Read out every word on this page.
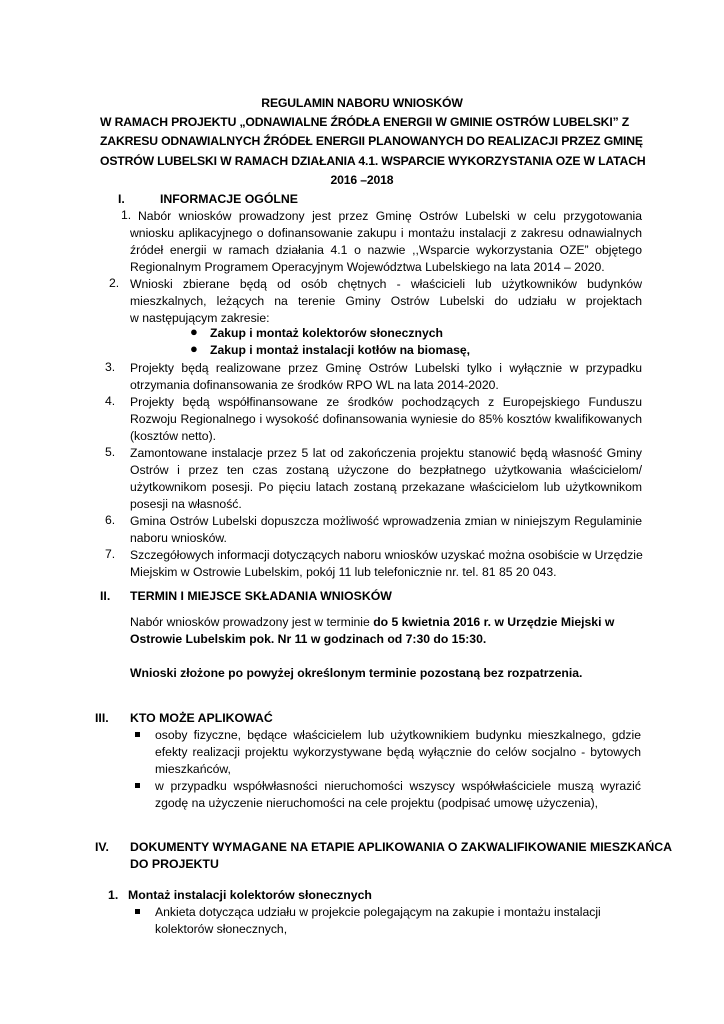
REGULAMIN NABORU WNIOSKÓW
W RAMACH PROJEKTU „ODNAWIALNE ŹRÓDŁA ENERGII W GMINIE OSTRÓW LUBELSKI” Z
ZAKRESU ODNAWIALNYCH ŹRÓDEŁ ENERGII PLANOWANYCH DO REALIZACJI PRZEZ GMINĘ
OSTRÓW LUBELSKI W RAMACH DZIAŁANIA 4.1. WSPARCIE WYKORZYSTANIA OZE W LATACH
2016 –2018
I.	INFORMACJE OGÓLNE
1. Nabór wniosków prowadzony jest przez Gminę Ostrów Lubelski w celu przygotowania
wniosku aplikacyjnego o dofinansowanie zakupu i montażu instalacji z zakresu odnawialnych
źródeł energii w ramach działania 4.1 o nazwie ,,Wsparcie wykorzystania OZE” objętego
Regionalnym Programem Operacyjnym Województwa Lubelskiego na lata 2014 – 2020.
2. Wnioski zbierane będą od osób chętnych - właścicieli lub użytkowników budynków
mieszkalnych, leżących na terenie Gminy Ostrów Lubelski do udziału w projektach
w następującym zakresie:
● Zakup i montaż kolektorów słonecznych
● Zakup i montaż instalacji kotłów na biomasę,
3. Projekty będą realizowane przez Gminę Ostrów Lubelski tylko i wyłącznie w przypadku
otrzymania dofinansowania ze środków RPO WL na lata 2014-2020.
4. Projekty będą współfinansowane ze środków pochodzących z Europejskiego Funduszu
Rozwoju Regionalnego i wysokość dofinansowania wyniesie do 85% kosztów kwalifikowanych
(kosztów netto).
5. Zamontowane instalacje przez 5 lat od zakończenia projektu stanowić będą własność Gminy
Ostrów i przez ten czas zostaną użyczone do bezpłatnego użytkowania właścicielom/
użytkownikom posesji. Po pięciu latach zostaną przekazane właścicielom lub użytkownikom
posesji na własność.
6. Gmina Ostrów Lubelski dopuszcza możliwość wprowadzenia zmian w niniejszym Regulaminie
naboru wniosków.
7. Szczegółowych informacji dotyczących naboru wniosków uzyskać można osobiście w Urzędzie
Miejskim w Ostrowie Lubelskim, pokój 11 lub telefonicznie nr. tel. 81 85 20 043.
II. TERMIN I MIEJSCE SKŁADANIA WNIOSKÓW
Nabór wniosków prowadzony jest w terminie do 5 kwietnia 2016 r. w Urzędzie Miejski w
Ostrowie Lubelskim pok. Nr 11 w godzinach od 7:30 do 15:30.
Wnioski złożone po powyżej określonym terminie pozostaną bez rozpatrzenia.
III. KTO MOŻE APLIKOWAĆ
osoby fizyczne, będące właścicielem lub użytkownikiem budynku mieszkalnego, gdzie
efekty realizacji projektu wykorzystywane będą wyłącznie do celów socjalno - bytowych
mieszkańców,
w przypadku współwłasności nieruchomości wszyscy współwłaściciele muszą wyrazić
zgodę na użyczenie nieruchomości na cele projektu (podpisać umowę użyczenia),
IV. DOKUMENTY WYMAGANE NA ETAPIE APLIKOWANIA O ZAKWALIFIKOWANIE MIESZKAŃCA
DO PROJEKTU
1. Montaż instalacji kolektorów słonecznych
Ankieta dotycząca udziału w projekcie polegającym na zakupie i montażu instalacji
kolektorów słonecznych,
